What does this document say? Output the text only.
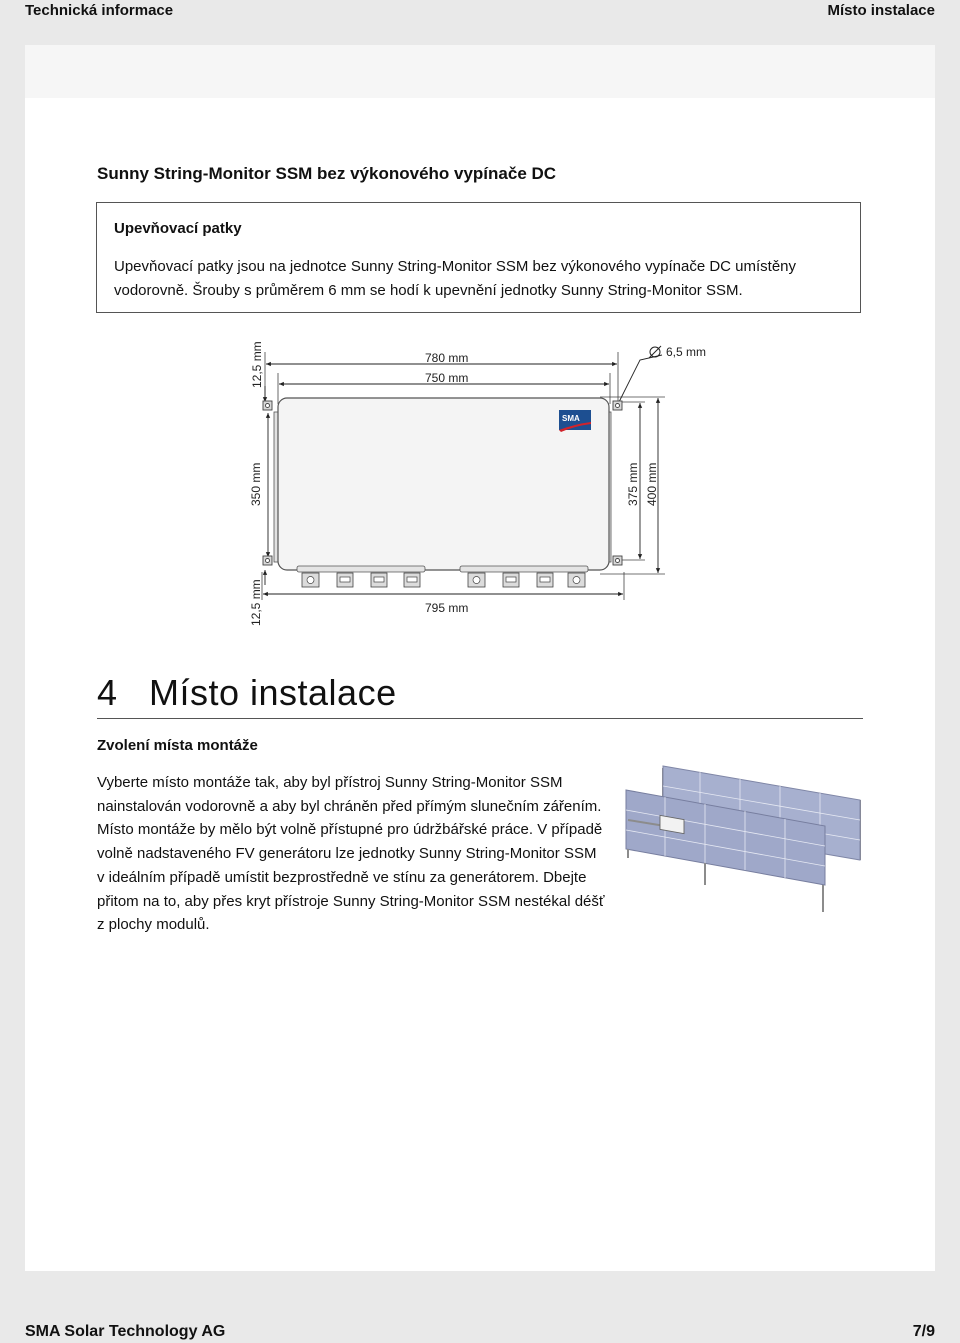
Technická informace	Místo instalace
Sunny String-Monitor SSM bez výkonového vypínače DC

Upevňovací patky

Upevňovací patky jsou na jednotce Sunny String-Monitor SSM bez výkonového vypínače DC umístěny vodorovně. Šrouby s průměrem 6 mm se hodí k upevnění jednotky Sunny String-Monitor SSM.

12,5 mm	780 mm
750 mm
6,5 mm
350 mm	375 mm 400 mm
12,5 mm	795 mm
SMA
4 Místo instalace
Zvolení místa montáže

Vyberte místo montáže tak, aby byl přístroj Sunny String-Monitor SSM nainstalován vodorovně a aby byl chráněn před přímým slunečním zářením. Místo montáže by mělo být volně přístupné pro údržbářské práce. V případě volně nadstaveného FV generátoru lze jednotky Sunny String-Monitor SSM v ideálním případě umístit bezprostředně ve stínu za generátorem. Dbejte přitom na to, aby přes kryt přístroje Sunny String-Monitor SSM nestékal déšť z plochy modulů.

SMA Solar Technology AG	7/9
